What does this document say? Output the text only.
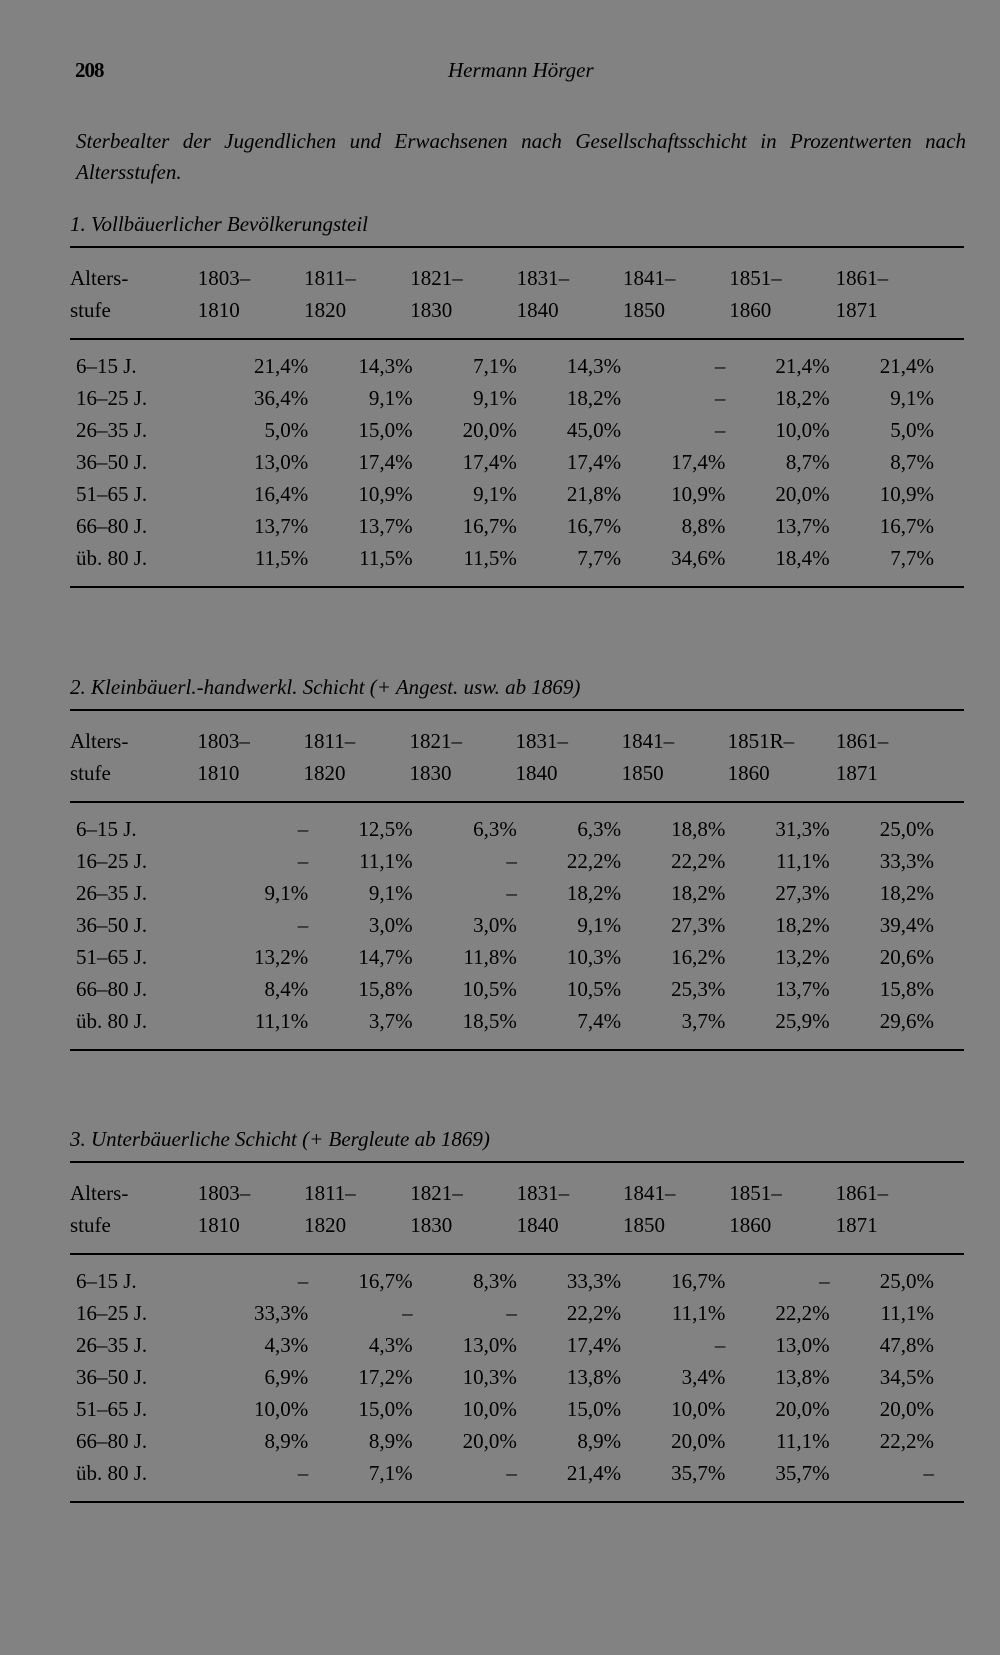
208	Hermann Hörger
Sterbealter der Jugendlichen und Erwachsenen nach Gesellschaftsschicht in Prozentwerten nach Altersstufen.
1. Vollbäuerlicher Bevölkerungsteil
Alters-	1803–	1811–	1821–	1831–	1841–	1851–	1861–
stufe	1810	1820	1830	1840	1850	1860	1871
6–15 J.	21,4%	14,3%	7,1%	14,3%	–	21,4%	21,4%
16–25 J.	36,4%	9,1%	9,1%	18,2%	–	18,2%	9,1%
26–35 J.	5,0%	15,0%	20,0%	45,0%	–	10,0%	5,0%
36–50 J.	13,0%	17,4%	17,4%	17,4%	17,4%	8,7%	8,7%
51–65 J.	16,4%	10,9%	9,1%	21,8%	10,9%	20,0%	10,9%
66–80 J.	13,7%	13,7%	16,7%	16,7%	8,8%	13,7%	16,7%
üb. 80 J.	11,5%	11,5%	11,5%	7,7%	34,6%	18,4%	7,7%
2. Kleinbäuerl.-handwerkl. Schicht (+ Angest. usw. ab 1869)
Alters-	1803–	1811–	1821–	1831–	1841–	1851R–	1861–
stufe	1810	1820	1830	1840	1850	1860	1871
6–15 J.	–	12,5%	6,3%	6,3%	18,8%	31,3%	25,0%
16–25 J.	–	11,1%	–	22,2%	22,2%	11,1%	33,3%
26–35 J.	9,1%	9,1%	–	18,2%	18,2%	27,3%	18,2%
36–50 J.	–	3,0%	3,0%	9,1%	27,3%	18,2%	39,4%
51–65 J.	13,2%	14,7%	11,8%	10,3%	16,2%	13,2%	20,6%
66–80 J.	8,4%	15,8%	10,5%	10,5%	25,3%	13,7%	15,8%
üb. 80 J.	11,1%	3,7%	18,5%	7,4%	3,7%	25,9%	29,6%
3. Unterbäuerliche Schicht (+ Bergleute ab 1869)
Alters-	1803–	1811–	1821–	1831–	1841–	1851–	1861–
stufe	1810	1820	1830	1840	1850	1860	1871
6–15 J.	–	16,7%	8,3%	33,3%	16,7%	–	25,0%
16–25 J.	33,3%	–	–	22,2%	11,1%	22,2%	11,1%
26–35 J.	4,3%	4,3%	13,0%	17,4%	–	13,0%	47,8%
36–50 J.	6,9%	17,2%	10,3%	13,8%	3,4%	13,8%	34,5%
51–65 J.	10,0%	15,0%	10,0%	15,0%	10,0%	20,0%	20,0%
66–80 J.	8,9%	8,9%	20,0%	8,9%	20,0%	11,1%	22,2%
üb. 80 J.	–	7,1%	–	21,4%	35,7%	35,7%	–
